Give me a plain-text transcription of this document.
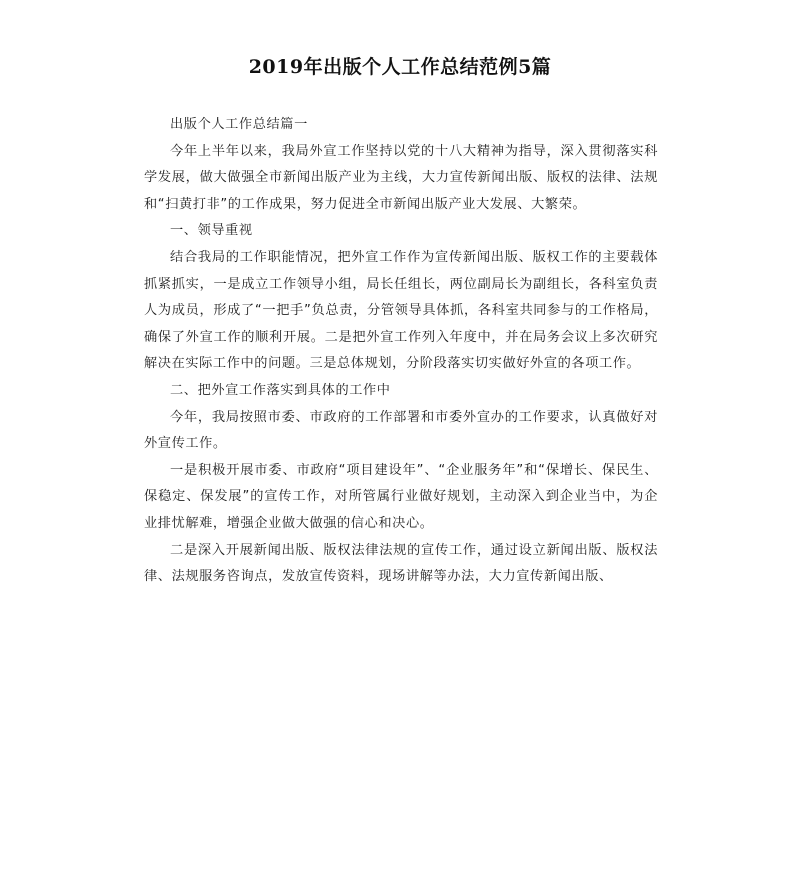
2019年出版个人工作总结范例5篇

出版个人工作总结篇一

今年上半年以来，我局外宣工作坚持以党的十八大精神为指导，深入贯彻落实科学发展，做大做强全市新闻出版产业为主线，大力宣传新闻出版、版权的法律、法规和“扫黄打非”的工作成果，努力促进全市新闻出版产业大发展、大繁荣。

一、领导重视

结合我局的工作职能情况，把外宣工作作为宣传新闻出版、版权工作的主要载体抓紧抓实，一是成立工作领导小组，局长任组长，两位副局长为副组长，各科室负责人为成员，形成了“一把手”负总责，分管领导具体抓，各科室共同参与的工作格局，确保了外宣工作的顺利开展。二是把外宣工作列入年度中，并在局务会议上多次研究解决在实际工作中的问题。三是总体规划，分阶段落实切实做好外宣的各项工作。

二、把外宣工作落实到具体的工作中

今年，我局按照市委、市政府的工作部署和市委外宣办的工作要求，认真做好对外宣传工作。

一是积极开展市委、市政府“项目建设年”、“企业服务年”和“保增长、保民生、保稳定、保发展”的宣传工作，对所管属行业做好规划，主动深入到企业当中，为企业排忧解难，增强企业做大做强的信心和决心。

二是深入开展新闻出版、版权法律法规的宣传工作，通过设立新闻出版、版权法律、法规服务咨询点，发放宣传资料，现场讲解等办法，大力宣传新闻出版、
